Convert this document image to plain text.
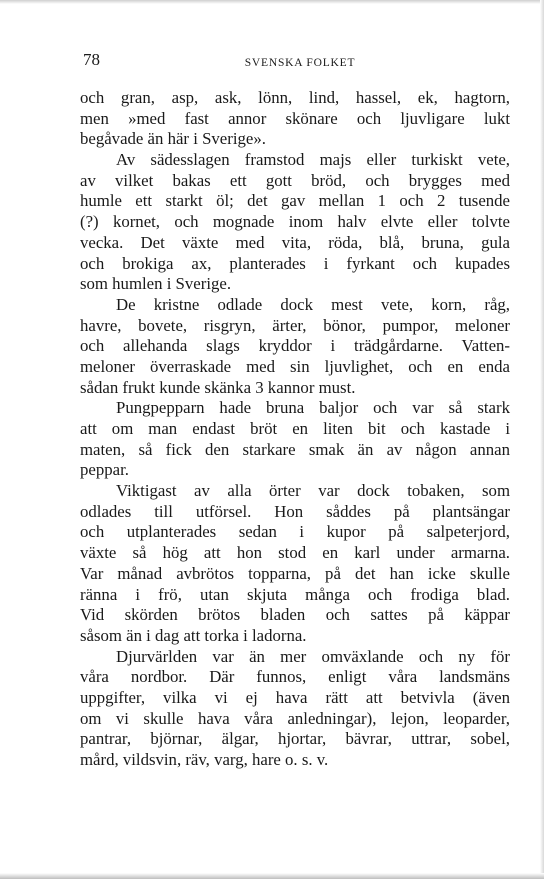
78	SVENSKA FOLKET
och gran, asp, ask, lönn, lind, hassel, ek, hagtorn,
men »med fast annor skönare och ljuvligare lukt
begåvade än här i Sverige».
Av sädesslagen framstod majs eller turkiskt vete,
av vilket bakas ett gott bröd, och brygges med
humle ett starkt öl; det gav mellan 1 och 2 tusende
(?) kornet, och mognade inom halv elvte eller tolvte
vecka. Det växte med vita, röda, blå, bruna, gula
och brokiga ax, planterades i fyrkant och kupades
som humlen i Sverige.
De kristne odlade dock mest vete, korn, råg,
havre, bovete, risgryn, ärter, bönor, pumpor, meloner
och allehanda slags kryddor i trädgårdarne. Vatten-
meloner överraskade med sin ljuvlighet, och en enda
sådan frukt kunde skänka 3 kannor must.
Pungpepparn hade bruna baljor och var så stark
att om man endast bröt en liten bit och kastade i
maten, så fick den starkare smak än av någon annan
peppar.
Viktigast av alla örter var dock tobaken, som
odlades till utförsel. Hon såddes på plantsängar
och utplanterades sedan i kupor på salpeterjord,
växte så hög att hon stod en karl under armarna.
Var månad avbrötos topparna, på det han icke skulle
ränna i frö, utan skjuta många och frodiga blad.
Vid skörden brötos bladen och sattes på käppar
såsom än i dag att torka i ladorna.
Djurvärlden var än mer omväxlande och ny för
våra nordbor. Där funnos, enligt våra landsmäns
uppgifter, vilka vi ej hava rätt att betvivla (även
om vi skulle hava våra anledningar), lejon, leoparder,
pantrar, björnar, älgar, hjortar, bävrar, uttrar, sobel,
mård, vildsvin, räv, varg, hare o. s. v.
